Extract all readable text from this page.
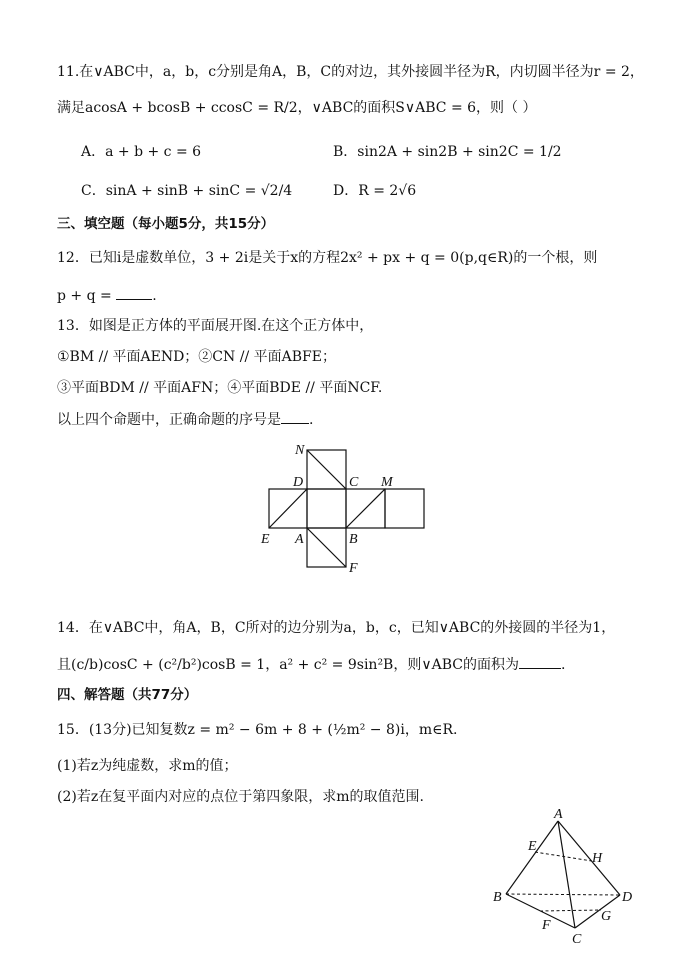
11.在∨ABC中，a，b，c分别是角A，B，C的对边，其外接圆半径为R，内切圆半径为r = 2，
满足acosA + bcosB + ccosC = R/2，∨ABC的面积S∨ABC = 6，则（ ）
A．a + b + c = 6	B．sin2A + sin2B + sin2C = 1/2
C．sinA + sinB + sinC = √2/4	D．R = 2√6
三、填空题（每小题5分，共15分）
12．已知i是虚数单位，3 + 2i是关于x的方程2x² + px + q = 0(p,q∈R)的一个根，则
p + q =	.
13．如图是正方体的平面展开图.在这个正方体中，
①BM // 平面AEND；②CN // 平面ABFE；
③平面BDM // 平面AFN；④平面BDE // 平面NCF.
以上四个命题中，正确命题的序号是 .
N
D	C M
E A	B
F
14．在∨ABC中，角A，B，C所对的边分别为a，b，c，已知∨ABC的外接圆的半径为1，
且(c/b)cosC + (c²/b²)cosB = 1，a² + c² = 9sin²B，则∨ABC的面积为	.
四、解答题（共77分）
15．(13分)已知复数z = m² − 6m + 8 + (½m² − 8)i，m∈R.
(1)若z为纯虚数，求m的值；
(2)若z在复平面内对应的点位于第四象限，求m的取值范围.
A
E
H
B	D
G
F
C
